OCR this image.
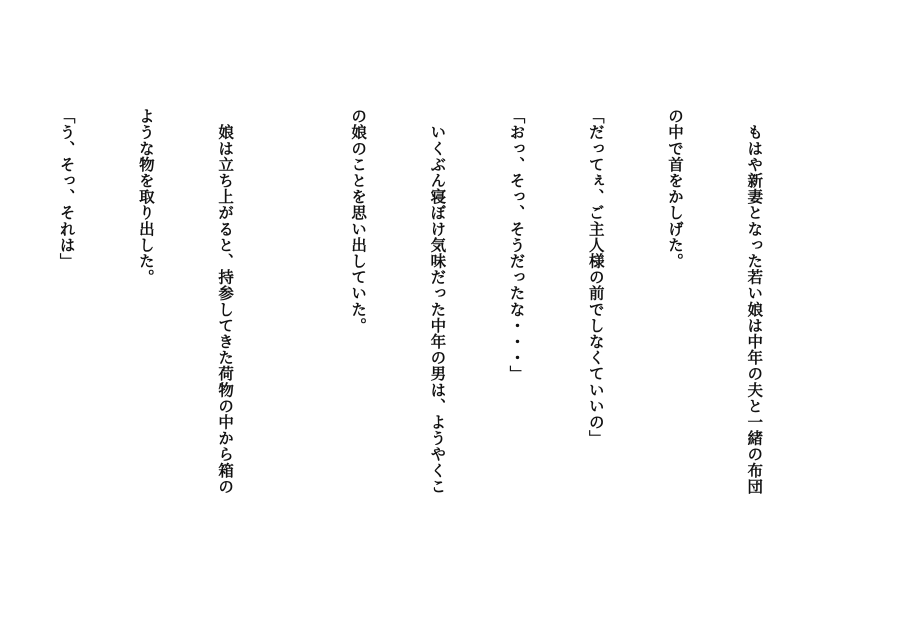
　もはや新妻となった若い娘は中年の夫と一緒の布団

の中で首をかしげた。

「だってぇ、ご主人様の前でしなくていいの」

「おっ、そっ、そうだったな・・・」

　いくぶん寝ぼけ気味だった中年の男は、ようやくこ

の娘のことを思い出していた。

　娘は立ち上がると、持参してきた荷物の中から箱の

ような物を取り出した。

「う、そっ、それは」
